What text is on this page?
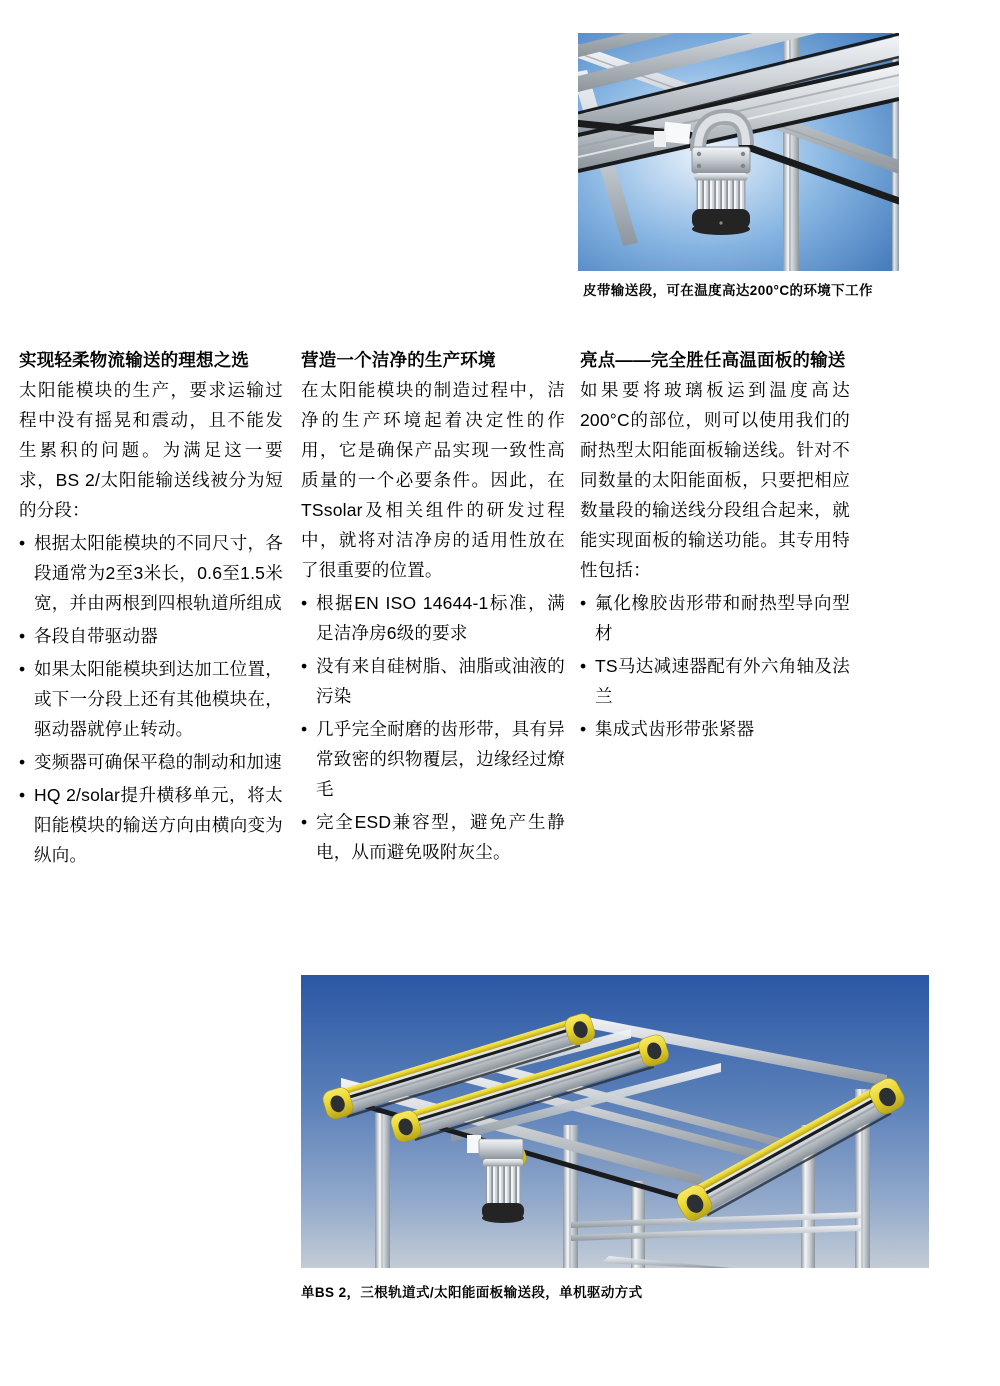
皮带输送段，可在温度高达200°C的环境下工作
实现轻柔物流输送的理想之选

太阳能模块的生产，要求运输过程中没有摇晃和震动，且不能发生累积的问题。为满足这一要求，BS 2/太阳能输送线被分为短的分段：

• 根据太阳能模块的不同尺寸，各段通常为2至3米长，0.6至1.5米宽，并由两根到四根轨道所组成
• 各段自带驱动器
• 如果太阳能模块到达加工位置，或下一分段上还有其他模块在，驱动器就停止转动。
• 变频器可确保平稳的制动和加速
• HQ 2/solar提升横移单元，将太阳能模块的输送方向由横向变为纵向。
营造一个洁净的生产环境

在太阳能模块的制造过程中，洁净的生产环境起着决定性的作用，它是确保产品实现一致性高质量的一个必要条件。因此，在TSsolar及相关组件的研发过程中，就将对洁净房的适用性放在了很重要的位置。

• 根据EN ISO 14644-1标准，满足洁净房6级的要求
• 没有来自硅树脂、油脂或油液的污染
• 几乎完全耐磨的齿形带，具有异常致密的织物覆层，边缘经过燎毛
• 完全ESD兼容型，避免产生静电，从而避免吸附灰尘。
亮点——完全胜任高温面板的输送

如果要将玻璃板运到温度高达200°C的部位，则可以使用我们的耐热型太阳能面板输送线。针对不同数量的太阳能面板，只要把相应数量段的输送线分段组合起来，就能实现面板的输送功能。其专用特性包括：

• 氟化橡胶齿形带和耐热型导向型材
• TS马达减速器配有外六角轴及法兰
• 集成式齿形带张紧器
单BS 2，三根轨道式/太阳能面板输送段，单机驱动方式
